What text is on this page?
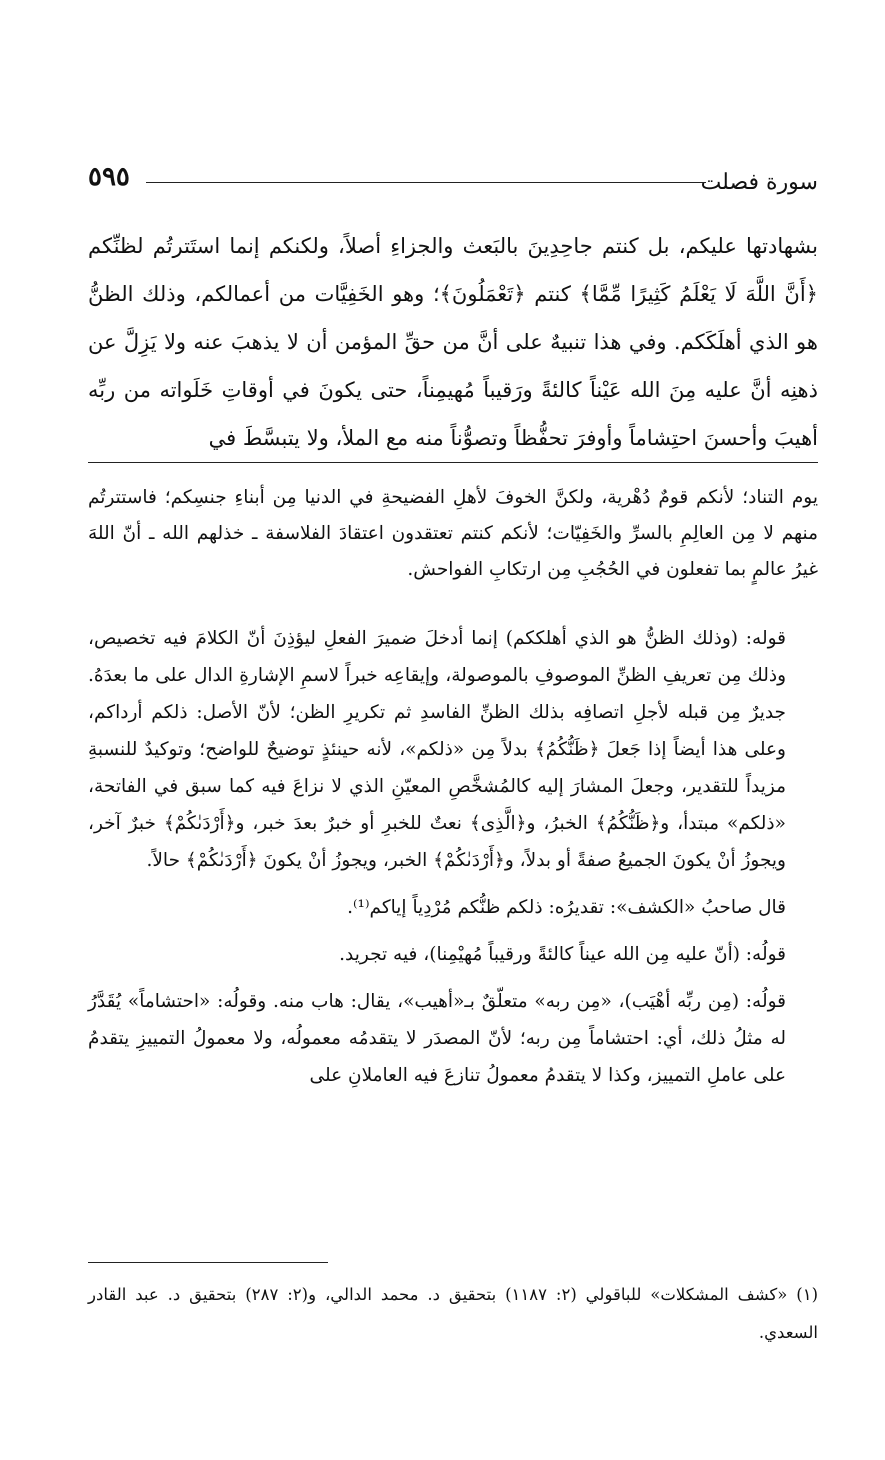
سورة فصلت
٥٩٥

بشهادتها عليكم، بل كنتم جاحِدِينَ بالبَعث والجزاءِ أصلاً، ولكنكم إنما استَترتُم لظنِّكم ﴿أَنَّ اللَّهَ لَا يَعْلَمُ كَثِيرًا مِّمَّا﴾ كنتم ﴿تَعْمَلُونَ﴾؛ وهو الخَفِيَّات من أعمالكم، وذلك الظنُّ هو الذي أهلَكَكم. وفي هذا تنبيهٌ على أنَّ من حقِّ المؤمن أن لا يذهبَ عنه ولا يَزِلَّ عن ذهنِه أنَّ عليه مِنَ الله عَيْناً كالئةً ورَقيباً مُهيمِناً، حتى يكونَ في أوقاتِ خَلَواته من ربِّه أهيبَ وأحسنَ احتِشاماً وأوفرَ تحفُّظاً وتصوُّناً منه مع الملأ، ولا يتبسَّطَ في

يوم التناد؛ لأنكم قومٌ دُهْرية، ولكنَّ الخوفَ لأهلِ الفضيحةِ في الدنيا مِن أبناءِ جنسِكم؛ فاستترتُم منهم لا مِن العالِمِ بالسرِّ والخَفِيّات؛ لأنكم كنتم تعتقدون اعتقادَ الفلاسفة ـ خذلهم الله ـ أنّ اللهَ غيرُ عالمٍ بما تفعلون في الحُجُبِ مِن ارتكابِ الفواحش.

قوله: (وذلك الظنُّ هو الذي أهلككم) إنما أدخلَ ضميرَ الفعلِ ليؤذِنَ أنّ الكلامَ فيه تخصيص، وذلك مِن تعريفِ الظنِّ الموصوفِ بالموصولة، وإيقاعِه خبراً لاسمِ الإشارةِ الدال على ما بعدَهُ. جديرٌ مِن قبله لأجلِ اتصافِه بذلك الظنِّ الفاسدِ ثم تكريرِ الظن؛ لأنّ الأصل: ذلكم أرداكم، وعلى هذا أيضاً إذا جَعلَ ﴿ظَنُّكُمُ﴾ بدلاً مِن «ذلكم»، لأنه حينئذٍ توضيحٌ للواضح؛ وتوكيدٌ للنسبةِ مزيداً للتقدير، وجعلَ المشارَ إليه كالمُشخَّصِ المعيّنِ الذي لا نزاعَ فيه كما سبق في الفاتحة، «ذلكم» مبتدأ، و﴿ظَنُّكُمُ﴾ الخبرُ، و﴿الَّذِى﴾ نعتٌ للخبرِ أو خبرٌ بعدَ خبر، و﴿أَرْدَىٰكُمْ﴾ خبرٌ آخر، ويجوزُ أنْ يكونَ الجميعُ صفةً أو بدلاً، و﴿أَرْدَىٰكُمْ﴾ الخبر، ويجوزُ أنْ يكونَ ﴿أَرْدَىٰكُمْ﴾ حالاً.

قال صاحبُ «الكشف»: تقديرُه: ذلكم ظنُّكم مُرْدِياً إياكم⁽¹⁾.

قولُه: (أنّ عليه مِن الله عيناً كالئةً ورقيباً مُهيْمِنا)، فيه تجريد.

قولُه: (مِن ربِّه أهْيَب)، «مِن ربه» متعلّقٌ بـ«أهيب»، يقال: هاب منه. وقولُه: «احتشاماً» يُقَدَّرُ له مثلُ ذلك، أي: احتشاماً مِن ربه؛ لأنّ المصدَر لا يتقدمُه معمولُه، ولا معمولُ التمييزِ يتقدمُ على عاملِ التمييز، وكذا لا يتقدمُ معمولُ تنازعَ فيه العاملانِ على

(١) «كشف المشكلات» للباقولي (٢: ١١٨٧) بتحقيق د. محمد الدالي، و(٢: ٢٨٧) بتحقيق د. عبد القادر السعدي.
